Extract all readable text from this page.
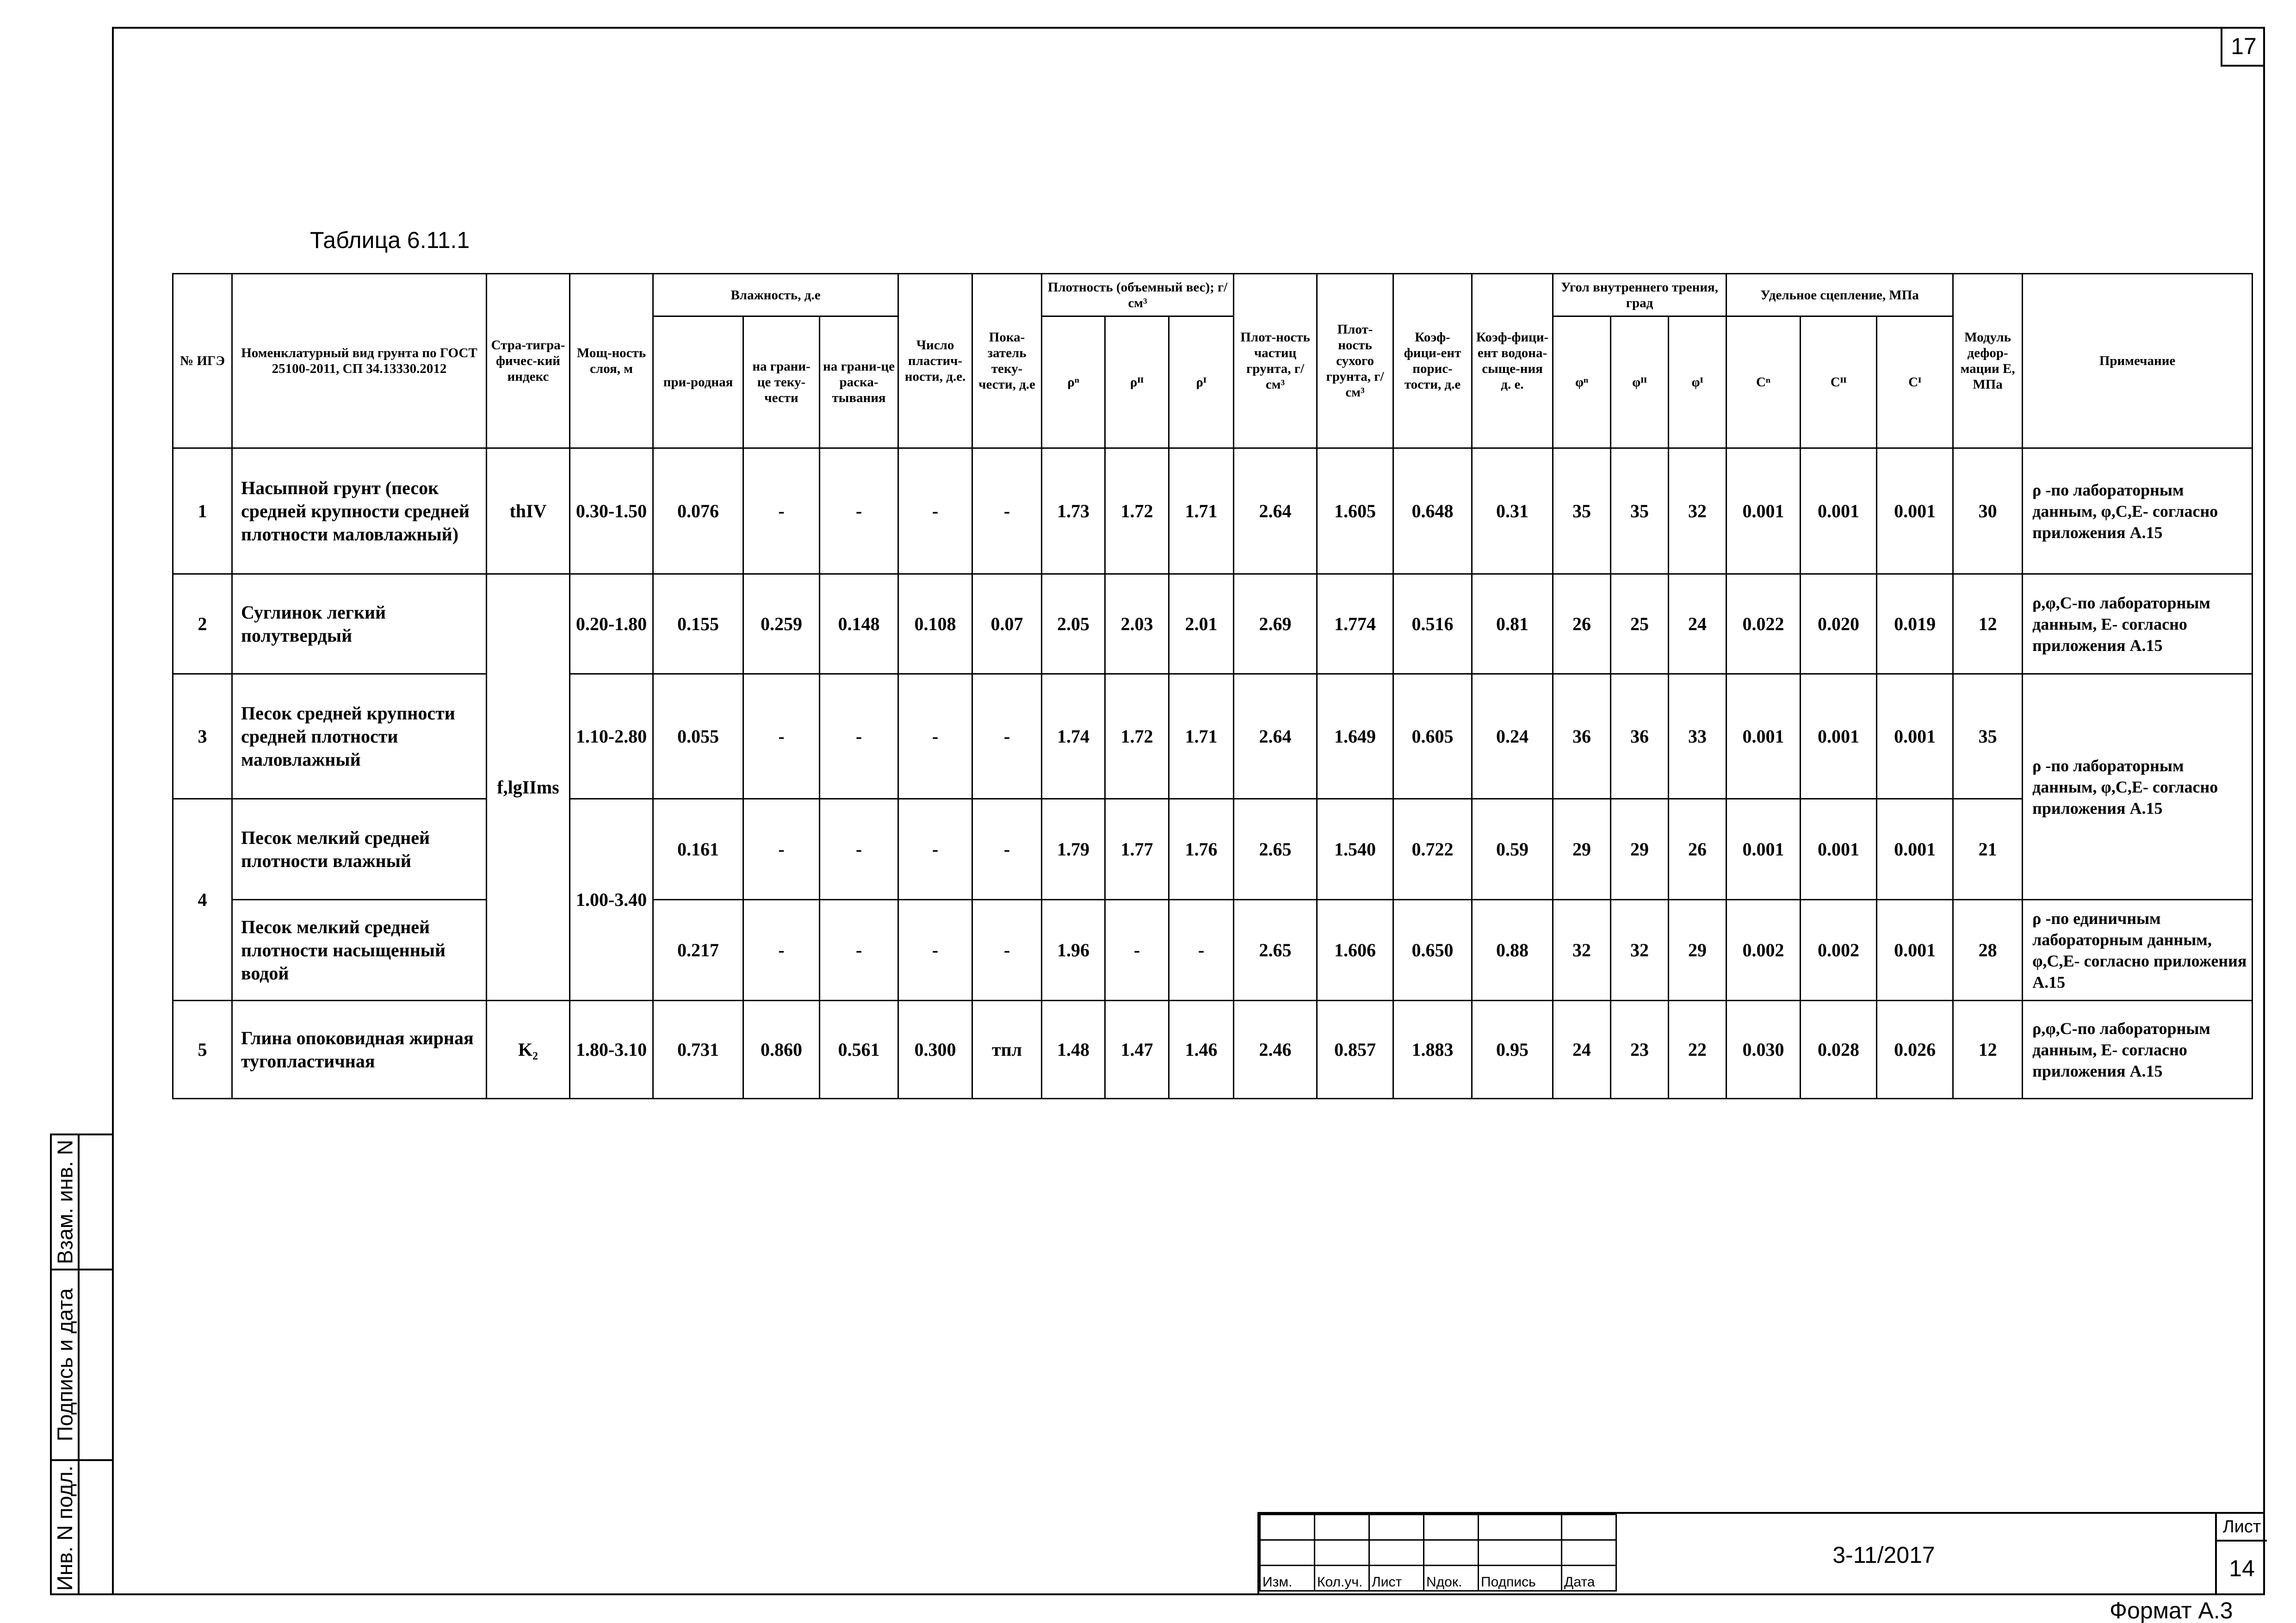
17
Таблица 6.11.1
№ ИГЭ	Номенклатурный вид грунта по ГОСТ 25100-2011, СП 34.13330.2012	Стра-тигра-фичес-кий индекс	Мощ-ность слоя, м	Влажность, д.е			Число пластич-ности, д.е.	Пока-затель теку-чести, д.е	Плотность (объемный вес); г/см³			Плот-ность частиц грунта, г/см³	Плот-ность сухого грунта, г/см³	Коэф-фици-ент порис-тости, д.е	Коэф-фици-ент водона-сыще-ния д. е.	Угол внутреннего трения, град			Удельное сцепление, МПа			Модуль дефор-мации Е, МПа	Примечание
				при-родная	на грани-це теку-чести	на грани-це раска-тывания			ρⁿ	ρᴵᴵ	ρᴵ					φⁿ	φᴵᴵ	φᴵ	Cⁿ	Cᴵᴵ	Cᴵ		
1	Насыпной грунт (песок средней крупности средней плотности маловлажный)	thIV	0.30-1.50	0.076	-	-	-	-	1.73	1.72	1.71	2.64	1.605	0.648	0.31	35	35	32	0.001	0.001	0.001	30	ρ -по лабораторным данным, φ,С,Е- согласно приложения А.15
2	Суглинок легкий полутвердый	f,lgIIms	0.20-1.80	0.155	0.259	0.148	0.108	0.07	2.05	2.03	2.01	2.69	1.774	0.516	0.81	26	25	24	0.022	0.020	0.019	12	ρ,φ,С-по лабораторным данным, Е- согласно приложения А.15
3	Песок средней крупности средней плотности маловлажный		1.10-2.80	0.055	-	-	-	-	1.74	1.72	1.71	2.64	1.649	0.605	0.24	36	36	33	0.001	0.001	0.001	35	ρ -по лабораторным данным, φ,С,Е- согласно приложения А.15
4	Песок мелкий средней плотности влажный		1.00-3.40	0.161	-	-	-	-	1.79	1.77	1.76	2.65	1.540	0.722	0.59	29	29	26	0.001	0.001	0.001	21	
	Песок мелкий средней плотности насыщенный водой			0.217	-	-	-	-	1.96	-	-	2.65	1.606	0.650	0.88	32	32	29	0.002	0.002	0.001	28	ρ -по единичным лабораторным данным, φ,С,Е- согласно приложения А.15
5	Глина опоковидная жирная тугопластичная	K₂	1.80-3.10	0.731	0.860	0.561	0.300	тпл	1.48	1.47	1.46	2.46	0.857	1.883	0.95	24	23	22	0.030	0.028	0.026	12	ρ,φ,С-по лабораторным данным, Е- согласно приложения А.15
Взам. инв. N
Подпись и дата
Инв. N подл.

						Изм.	Кол.уч.	Лист	Nдок.	Подпись	Дата
3-11/2017
Лист
14
Формат А.3
